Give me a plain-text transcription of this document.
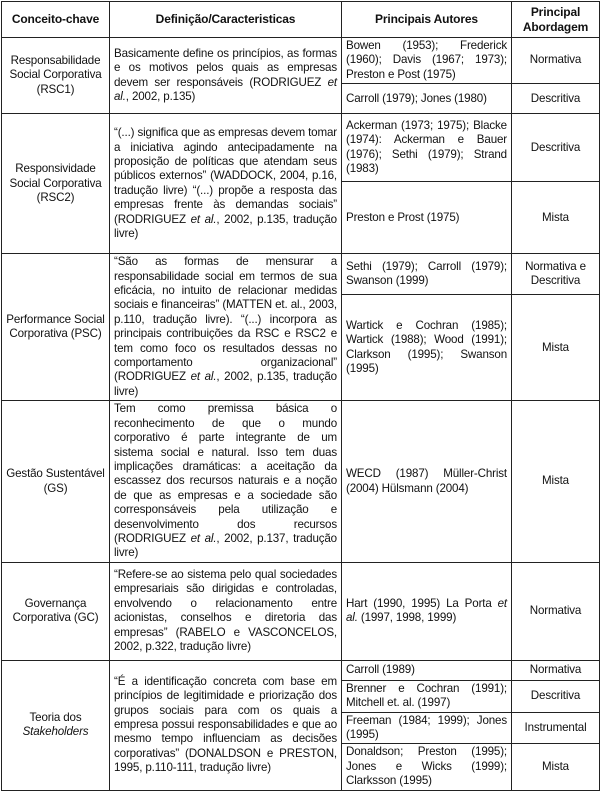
Conceito-chave	Definição/Caracteristicas	Principais Autores	Principal Abordagem
Responsabilidade Social Corporativa (RSC1)	Basicamente define os princípios, as formas e os motivos pelos quais as empresas devem ser responsáveis (RODRIGUEZ et al., 2002, p.135)	Bowen (1953); Frederick (1960); Davis (1967; 1973); Preston e Post (1975)	Normativa
		Carroll (1979); Jones (1980)	Descritiva
Responsividade Social Corporativa (RSC2)	“(...) significa que as empresas devem tomar a iniciativa agindo antecipadamente na proposição de políticas que atendam seus públicos externos” (WADDOCK, 2004, p.16, tradução livre) “(...) propõe a resposta das empresas frente às demandas sociais” (RODRIGUEZ et al., 2002, p.135, tradução livre)	Ackerman (1973; 1975); Blacke (1974): Ackerman e Bauer (1976); Sethi (1979); Strand (1983)	Descritiva
		Preston e Prost (1975)	Mista
Performance Social Corporativa (PSC)	“São as formas de mensurar a responsabilidade social em termos de sua eficácia, no intuito de relacionar medidas sociais e financeiras” (MATTEN et. al., 2003, p.110, tradução livre). “(...) incorpora as principais contribuições da RSC e RSC2 e tem como foco os resultados dessas no comportamento organizacional” (RODRIGUEZ et al., 2002, p.135, tradução livre)	Sethi (1979); Carroll (1979); Swanson (1999)	Normativa e Descritiva
		Wartick e Cochran (1985); Wartick (1988); Wood (1991); Clarkson (1995); Swanson (1995)	Mista
Gestão Sustentável (GS)	Tem como premissa básica o reconhecimento de que o mundo corporativo é parte integrante de um sistema social e natural. Isso tem duas implicações dramáticas: a aceitação da escassez dos recursos naturais e a noção de que as empresas e a sociedade são corresponsáveis pela utilização e desenvolvimento dos recursos (RODRIGUEZ et al., 2002, p.137, tradução livre)	WECD (1987) Müller-Christ (2004) Hülsmann (2004)	Mista
Governança Corporativa (GC)	“Refere-se ao sistema pelo qual sociedades empresariais são dirigidas e controladas, envolvendo o relacionamento entre acionistas, conselhos e diretoria das empresas” (RABELO e VASCONCELOS, 2002, p.322, tradução livre)	Hart (1990, 1995) La Porta et al. (1997, 1998, 1999)	Normativa
Teoria dos Stakeholders	“É a identificação concreta com base em princípios de legitimidade e priorização dos grupos sociais para com os quais a empresa possui responsabilidades e que ao mesmo tempo influenciam as decisões corporativas” (DONALDSON e PRESTON, 1995, p.110-111, tradução livre)	Carroll (1989)	Normativa
		Brenner e Cochran (1991); Mitchell et. al. (1997)	Descritiva
		Freeman (1984; 1999); Jones (1995)	Instrumental
		Donaldson; Preston (1995); Jones e Wicks (1999); Clarksson (1995)	Mista
